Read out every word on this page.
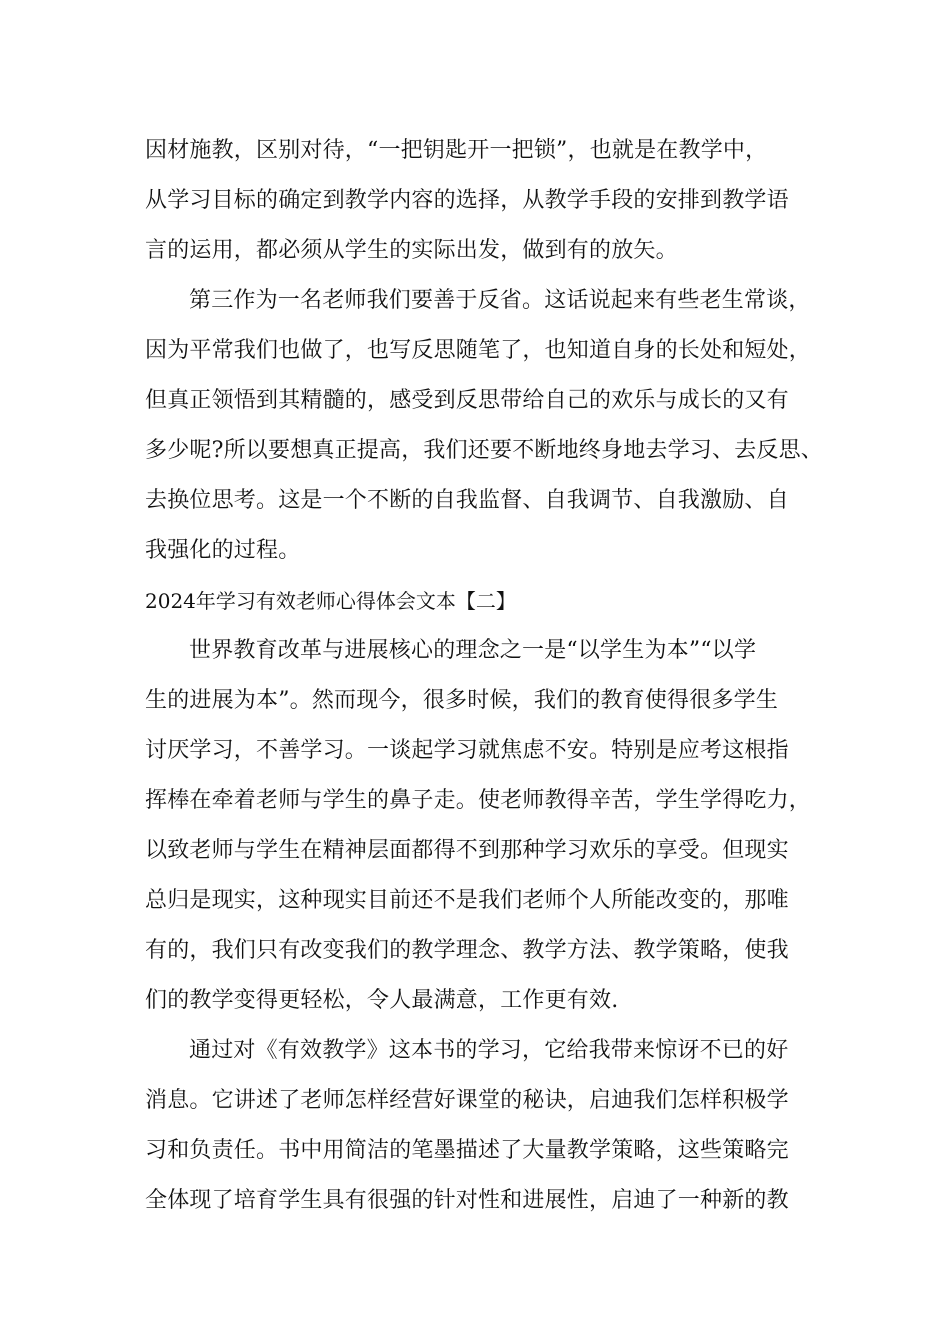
因材施教，区别对待，“一把钥匙开一把锁”，也就是在教学中，
从学习目标的确定到教学内容的选择，从教学手段的安排到教学语
言的运用，都必须从学生的实际出发，做到有的放矢。
第三作为一名老师我们要善于反省。这话说起来有些老生常谈，
因为平常我们也做了，也写反思随笔了，也知道自身的长处和短处，
但真正领悟到其精髓的，感受到反思带给自己的欢乐与成长的又有
多少呢?所以要想真正提高，我们还要不断地终身地去学习、去反思、
去换位思考。这是一个不断的自我监督、自我调节、自我激励、自
我强化的过程。
2024年学习有效老师心得体会文本【二】
世界教育改革与进展核心的理念之一是“以学生为本”“以学
生的进展为本”。然而现今，很多时候，我们的教育使得很多学生
讨厌学习，不善学习。一谈起学习就焦虑不安。特别是应考这根指
挥棒在牵着老师与学生的鼻子走。使老师教得辛苦，学生学得吃力，
以致老师与学生在精神层面都得不到那种学习欢乐的享受。但现实
总归是现实，这种现实目前还不是我们老师个人所能改变的，那唯
有的，我们只有改变我们的教学理念、教学方法、教学策略，使我
们的教学变得更轻松，令人最满意，工作更有效.
通过对《有效教学》这本书的学习，它给我带来惊讶不已的好
消息。它讲述了老师怎样经营好课堂的秘诀，启迪我们怎样积极学
习和负责任。书中用简洁的笔墨描述了大量教学策略，这些策略完
全体现了培育学生具有很强的针对性和进展性，启迪了一种新的教
